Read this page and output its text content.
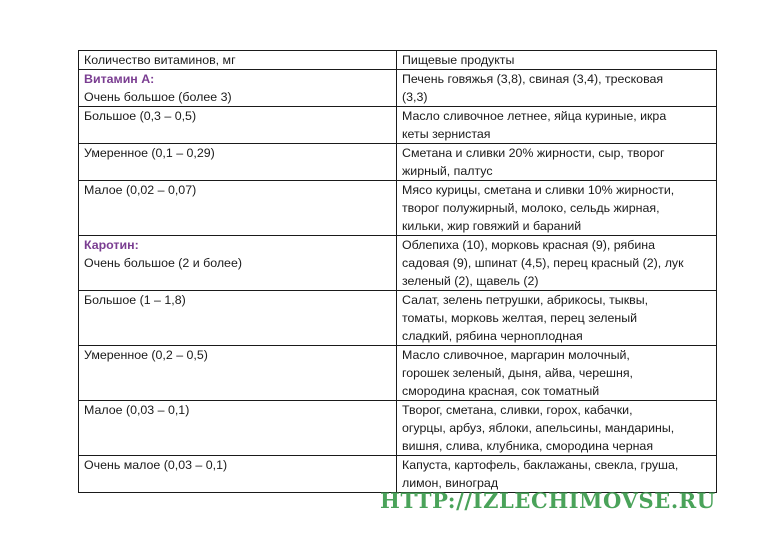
Количество витаминов, мг	Пищевые продукты

Витамин А:
Очень большое (более 3)	Печень говяжья (3,8), свиная (3,4), тресковая
(3,3)

Большое (0,3 – 0,5)	Масло сливочное летнее, яйца куриные, икра
кеты зернистая

Умеренное (0,1 – 0,29)	Сметана и сливки 20% жирности, сыр, творог
жирный, палтус

Малое (0,02 – 0,07)	Мясо курицы, сметана и сливки 10% жирности,
творог полужирный, молоко, сельдь жирная,
кильки, жир говяжий и бараний

Каротин:
Очень большое (2 и более)	Облепиха (10), морковь красная (9), рябина
садовая (9), шпинат (4,5), перец красный (2), лук
зеленый (2), щавель (2)

Большое (1 – 1,8)	Салат, зелень петрушки, абрикосы, тыквы,
томаты, морковь желтая, перец зеленый
сладкий, рябина черноплодная

Умеренное (0,2 – 0,5)	Масло сливочное, маргарин молочный,
горошек зеленый, дыня, айва, черешня,
смородина красная, сок томатный

Малое (0,03 – 0,1)	Творог, сметана, сливки, горох, кабачки,
огурцы, арбуз, яблоки, апельсины, мандарины,
вишня, слива, клубника, смородина черная

Очень малое (0,03 – 0,1)	Капуста, картофель, баклажаны, свекла, груша,
лимон, виноград
HTTP://IZLECHIMOVSE.RU
